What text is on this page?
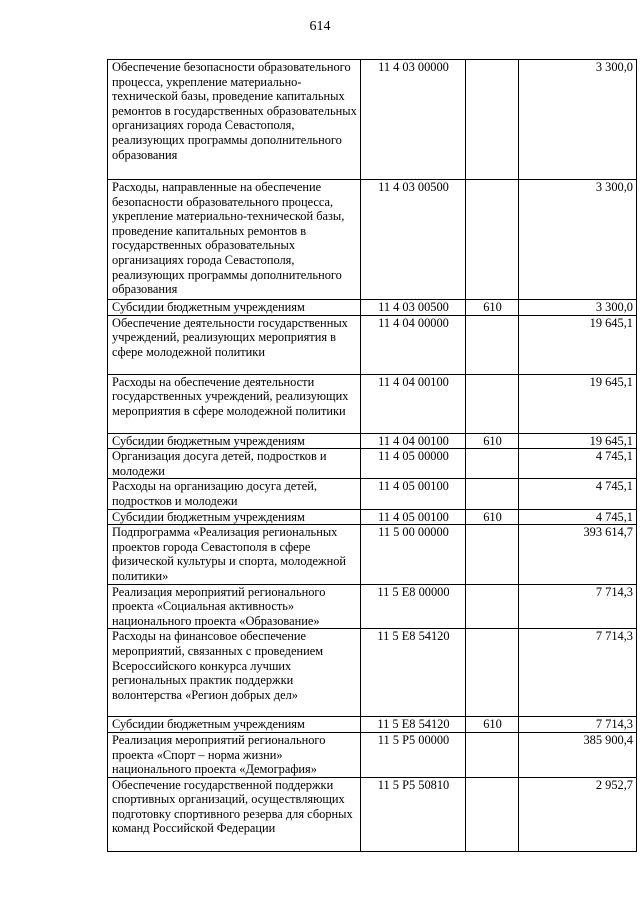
614
Обеспечение безопасности образовательного процесса, укрепление материально-технической базы, проведение капитальных ремонтов в государственных образовательных организациях города Севастополя, реализующих программы дополнительного образования	11 4 03 00000		3 300,0
Расходы, направленные на обеспечение безопасности образовательного процесса, укрепление материально-технической базы, проведение капитальных ремонтов в государственных образовательных организациях города Севастополя, реализующих программы дополнительного образования	11 4 03 00500		3 300,0
Субсидии бюджетным учреждениям	11 4 03 00500	610	3 300,0
Обеспечение деятельности государственных учреждений, реализующих мероприятия в сфере молодежной политики	11 4 04 00000		19 645,1
Расходы на обеспечение деятельности государственных учреждений, реализующих мероприятия в сфере молодежной политики	11 4 04 00100		19 645,1
Субсидии бюджетным учреждениям	11 4 04 00100	610	19 645,1
Организация досуга детей, подростков и молодежи	11 4 05 00000		4 745,1
Расходы на организацию досуга детей, подростков и молодежи	11 4 05 00100		4 745,1
Субсидии бюджетным учреждениям	11 4 05 00100	610	4 745,1
Подпрограмма «Реализация региональных проектов города Севастополя в сфере физической культуры и спорта, молодежной политики»	11 5 00 00000		393 614,7
Реализация мероприятий регионального проекта «Социальная активность» национального проекта «Образование»	11 5 E8 00000		7 714,3
Расходы на финансовое обеспечение мероприятий, связанных с проведением Всероссийского конкурса лучших региональных практик поддержки волонтерства «Регион добрых дел»	11 5 E8 54120		7 714,3
Субсидии бюджетным учреждениям	11 5 E8 54120	610	7 714,3
Реализация мероприятий регионального проекта «Спорт – норма жизни» национального проекта «Демография»	11 5 P5 00000		385 900,4
Обеспечение государственной поддержки спортивных организаций, осуществляющих подготовку спортивного резерва для сборных команд Российской Федерации	11 5 P5 50810		2 952,7
